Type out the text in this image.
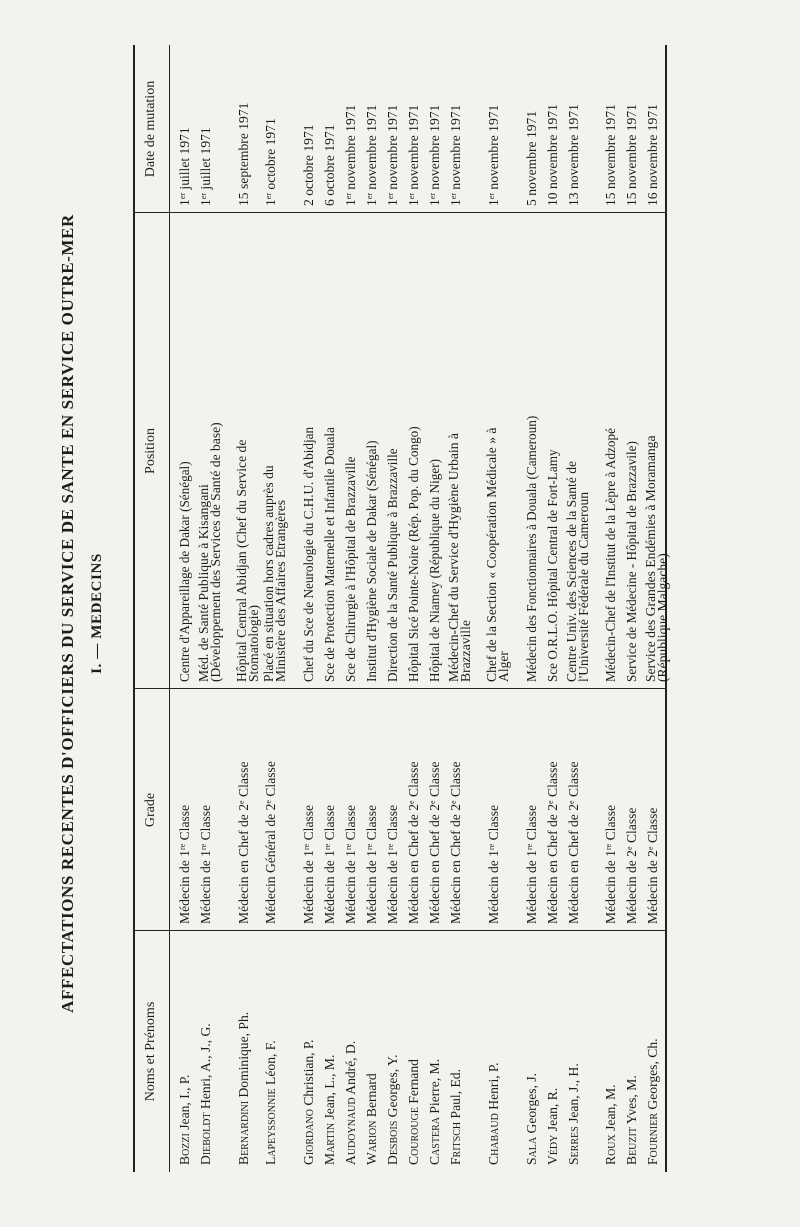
AFFECTATIONS RECENTES D'OFFICIERS DU SERVICE DE SANTE EN SERVICE OUTRE-MER I. — MEDECINS
Noms et Prénoms
Grade
Position
Date de mutation
Bozzi Jean, I., P.
Médecin de 1re Classe
Centre d'Appareillage de Dakar (Sénégal)
1er juillet 1971
Dieboldt Henri, A., J., G.
Médecin de 1re Classe
Méd. de Santé Publique à Kisangani (Développement des Services de Santé de base)
1er juillet 1971
Bernardini Dominique, Ph.
Médecin en Chef de 2e Classe
Hôpital Central Abidjan (Chef du Service de Stomatologie)
15 septembre 1971
Lapeyssonnie Léon, F.
Médecin Général de 2e Classe
Placé en situation hors cadres auprès du Ministère des Affaires Etrangères
1er octobre 1971
Giordano Christian, P.
Médecin de 1re Classe
Chef du Sce de Neurologie du C.H.U. d'Abidjan
2 octobre 1971
Martin Jean, L., M.
Médecin de 1re Classe
Sce de Protection Maternelle et Infantile Douala
6 octobre 1971
Audoynaud André, D.
Médecin de 1re Classe
Sce de Chirurgie à l'Hôpital de Brazzaville
1er novembre 1971
Warion Bernard
Médecin de 1re Classe
Institut d'Hygiène Sociale de Dakar (Sénégal)
1er novembre 1971
Desbois Georges, Y.
Médecin de 1re Classe
Direction de la Santé Publique à Brazzaville
1er novembre 1971
Courouge Fernand
Médecin en Chef de 2e Classe
Hôpital Sicé Pointe-Noire (Rép. Pop. du Congo)
1er novembre 1971
Castera Pierre, M.
Médecin en Chef de 2e Classe
Hôpital de Niamey (République du Niger)
1er novembre 1971
Fritsch Paul, Ed.
Médecin en Chef de 2e Classe
Médecin-Chef du Service d'Hygiène Urbain à Brazzaville
1er novembre 1971
Chabaud Henri, P.
Médecin de 1re Classe
Chef de la Section « Coopération Médicale » à Alger
1er novembre 1971
Sala Georges, J.
Médecin de 1re Classe
Médecin des Fonctionnaires à Douala (Cameroun)
5 novembre 1971
Védy Jean, R.
Médecin en Chef de 2e Classe
Sce O.R.L.O. Hôpital Central de Fort-Lamy
10 novembre 1971
Serres Jean, J., H.
Médecin en Chef de 2e Classe
Centre Univ. des Sciences de la Santé de l'Université Fédérale du Cameroun
13 novembre 1971
Roux Jean, M.
Médecin de 1re Classe
Médecin-Chef de l'Institut de la Lèpre à Adzopé
15 novembre 1971
Beuzit Yves, M.
Médecin de 2e Classe
Service de Médecine - Hôpital de Brazzavile)
15 novembre 1971
Fournier Georges, Ch.
Médecin de 2e Classe
Service des Grandes Endémies à Moramanga (République Malgache)
16 novembre 1971
